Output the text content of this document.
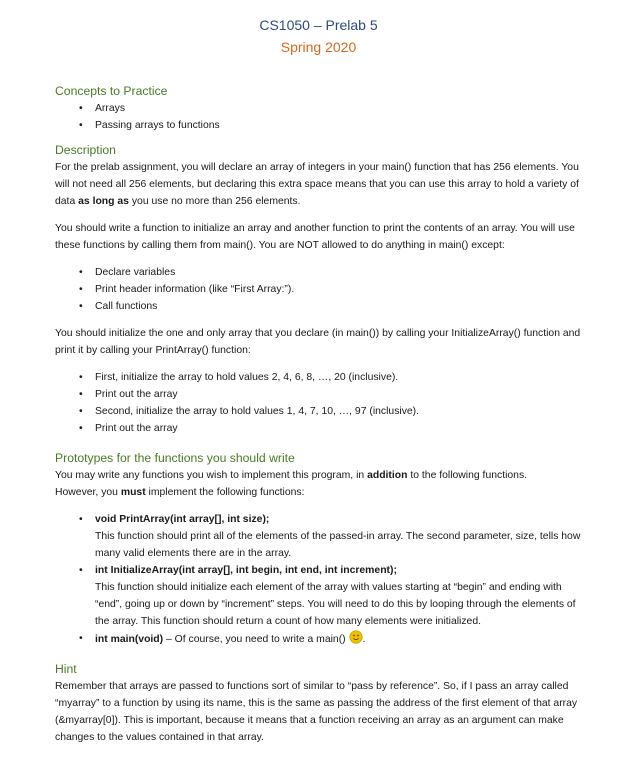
CS1050 – Prelab 5
Spring 2020
Concepts to Practice
• Arrays
• Passing arrays to functions
Description

For the prelab assignment, you will declare an array of integers in your main() function that has 256 elements. You will not need all 256 elements, but declaring this extra space means that you can use this array to hold a variety of data as long as you use no more than 256 elements.

You should write a function to initialize an array and another function to print the contents of an array. You will use these functions by calling them from main(). You are NOT allowed to do anything in main() except:

• Declare variables
• Print header information (like “First Array:”).
• Call functions

You should initialize the one and only array that you declare (in main()) by calling your InitializeArray() function and print it by calling your PrintArray() function:

• First, initialize the array to hold values 2, 4, 6, 8, …, 20 (inclusive).
• Print out the array
• Second, initialize the array to hold values 1, 4, 7, 10, …, 97 (inclusive).
• Print out the array
Prototypes for the functions you should write

You may write any functions you wish to implement this program, in addition to the following functions.

However, you must implement the following functions:

• void PrintArray(int array[], int size);
This function should print all of the elements of the passed-in array. The second parameter, size, tells how many valid elements there are in the array.
• int InitializeArray(int array[], int begin, int end, int increment);
This function should initialize each element of the array with values starting at “begin” and ending with “end”, going up or down by “increment” steps. You will need to do this by looping through the elements of the array. This function should return a count of how many elements were initialized.
• int main(void) – Of course, you need to write a main() .
Hint

Remember that arrays are passed to functions sort of similar to “pass by reference”. So, if I pass an array called “myarray” to a function by using its name, this is the same as passing the address of the first element of that array (&myarray[0]). This is important, because it means that a function receiving an array as an argument can make changes to the values contained in that array.
